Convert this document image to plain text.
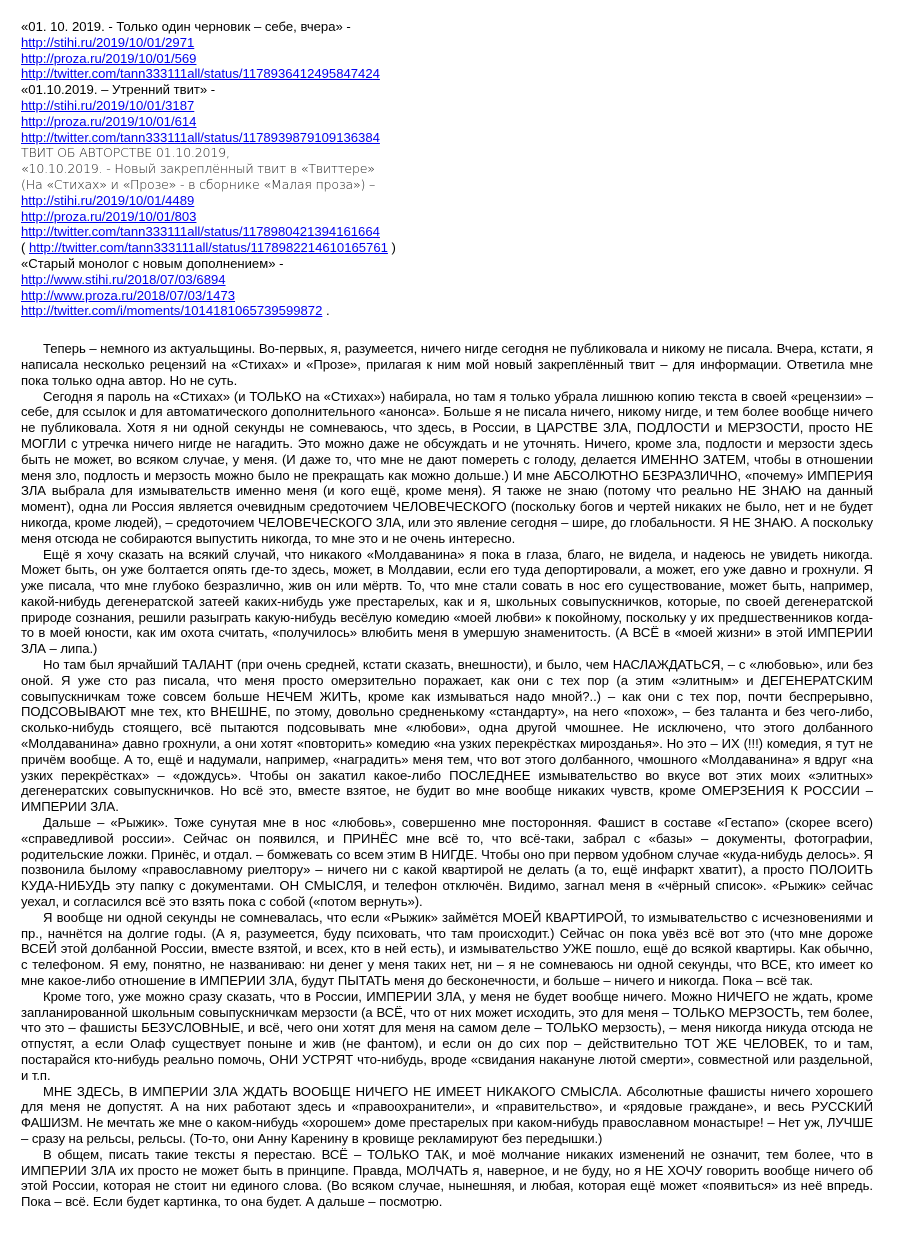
«01. 10. 2019. - Только один черновик – себе, вчера» -
http://stihi.ru/2019/10/01/2971
http://proza.ru/2019/10/01/569
http://twitter.com/tann333111all/status/1178936412495847424
«01.10.2019. – Утренний твит» -
http://stihi.ru/2019/10/01/3187
http://proza.ru/2019/10/01/614
http://twitter.com/tann333111all/status/1178939879109136384
ТВИТ ОБ АВТОРСТВЕ 01.10.2019,
«10.10.2019. - Новый закреплённый твит в «Твиттере»
(На «Стихах» и «Прозе» - в сборнике «Малая проза») –
http://stihi.ru/2019/10/01/4489
http://proza.ru/2019/10/01/803
http://twitter.com/tann333111all/status/1178980421394161664
( http://twitter.com/tann333111all/status/1178982214610165761 )
«Старый монолог с новым дополнением» -
http://www.stihi.ru/2018/07/03/6894
http://www.proza.ru/2018/07/03/1473
http://twitter.com/i/moments/1014181065739599872 .

Теперь – немного из актуальщины. Во-первых, я, разумеется, ничего нигде сегодня не публиковала и никому не писала. Вчера, кстати, я написала несколько рецензий на «Стихах» и «Прозе», прилагая к ним мой новый закреплённый твит – для информации. Ответила мне пока только одна автор. Но не суть.

Сегодня я пароль на «Стихах» (и ТОЛЬКО на «Стихах») набирала, но там я только убрала лишнюю копию текста в своей «рецензии» – себе, для ссылок и для автоматического дополнительного «анонса». Больше я не писала ничего, никому нигде, и тем более вообще ничего не публиковала. Хотя я ни одной секунды не сомневаюсь, что здесь, в России, в ЦАРСТВЕ ЗЛА, ПОДЛОСТИ и МЕРЗОСТИ, просто НЕ МОГЛИ с утречка ничего нигде не нагадить. Это можно даже не обсуждать и не уточнять. Ничего, кроме зла, подлости и мерзости здесь быть не может, во всяком случае, у меня. (И даже то, что мне не дают помереть с голоду, делается ИМЕННО ЗАТЕМ, чтобы в отношении меня зло, подлость и мерзость можно было не прекращать как можно дольше.) И мне АБСОЛЮТНО БЕЗРАЗЛИЧНО, «почему» ИМПЕРИЯ ЗЛА выбрала для измывательств именно меня (и кого ещё, кроме меня). Я также не знаю (потому что реально НЕ ЗНАЮ на данный момент), одна ли Россия является очевидным средоточием ЧЕЛОВЕЧЕСКОГО (поскольку богов и чертей никаких не было, нет и не будет никогда, кроме людей), – средоточием ЧЕЛОВЕЧЕСКОГО ЗЛА, или это явление сегодня – шире, до глобальности. Я НЕ ЗНАЮ. А поскольку меня отсюда не собираются выпустить никогда, то мне это и не очень интересно.

Ещё я хочу сказать на всякий случай, что никакого «Молдаванина» я пока в глаза, благо, не видела, и надеюсь не увидеть никогда. Может быть, он уже болтается опять где-то здесь, может, в Молдавии, если его туда депортировали, а может, его уже давно и грохнули. Я уже писала, что мне глубоко безразлично, жив он или мёртв. То, что мне стали совать в нос его существование, может быть, например, какой-нибудь дегенератской затеей каких-нибудь уже престарелых, как и я, школьных совыпускничков, которые, по своей дегенератской природе сознания, решили разыграть какую-нибудь весёлую комедию «моей любви» к покойному, поскольку у их предшественников когда-то в моей юности, как им охота считать, «получилось» влюбить меня в умершую знаменитость. (А ВСЁ в «моей жизни» в этой ИМПЕРИИ ЗЛА – липа.)

Но там был ярчайший ТАЛАНТ (при очень средней, кстати сказать, внешности), и было, чем НАСЛАЖДАТЬСЯ, – с «любовью», или без оной. Я уже сто раз писала, что меня просто омерзительно поражает, как они с тех пор (а этим «элитным» и ДЕГЕНЕРАТСКИМ совыпускничкам тоже совсем больше НЕЧЕМ ЖИТЬ, кроме как измываться надо мной?..) – как они с тех пор, почти беспрерывно, ПОДСОВЫВАЮТ мне тех, кто ВНЕШНЕ, по этому, довольно средненькому «стандарту», на него «похож», – без таланта и без чего-либо, сколько-нибудь стоящего, всё пытаются подсовывать мне «любови», одна другой чмошнее. Не исключено, что этого долбанного «Молдаванина» давно грохнули, а они хотят «повторить» комедию «на узких перекрёстках мирозданья». Но это – ИХ (!!!) комедия, я тут не причём вообще. А то, ещё и надумали, например, «наградить» меня тем, что вот этого долбанного, чмошного «Молдаванина» я вдруг «на узких перекрёстках» – «дождусь». Чтобы он закатил какое-либо ПОСЛЕДНЕЕ измывательство во вкусе вот этих моих «элитных» дегенератских совыпускничков. Но всё это, вместе взятое, не будит во мне вообще никаких чувств, кроме ОМЕРЗЕНИЯ К РОССИИ – ИМПЕРИИ ЗЛА.

Дальше – «Рыжик». Тоже сунутая мне в нос «любовь», совершенно мне посторонняя. Фашист в составе «Гестапо» (скорее всего) «справедливой россии». Сейчас он появился, и ПРИНЁС мне всё то, что всё-таки, забрал с «базы» – документы, фотографии, родительские ложки. Принёс, и отдал. – бомжевать со всем этим В НИГДЕ. Чтобы оно при первом удобном случае «куда-нибудь делось». Я позвонила былому «православному риелтору» – ничего ни с какой квартирой не делать (а то, ещё инфаркт хватит), а просто ПОЛОИТЬ КУДА-НИБУДЬ эту папку с документами. ОН СМЫСЛЯ, и телефон отключён. Видимо, загнал меня в «чёрный список». «Рыжик» сейчас уехал, и согласился всё это взять пока с собой («потом вернуть»).

Я вообще ни одной секунды не сомневалась, что если «Рыжик» займётся МОЕЙ КВАРТИРОЙ, то измывательство с исчезновениями и пр., начнётся на долгие годы. (А я, разумеется, буду психовать, что там происходит.) Сейчас он пока увёз всё вот это (что мне дороже ВСЕЙ этой долбанной России, вместе взятой, и всех, кто в ней есть), и измывательство УЖЕ пошло, ещё до всякой квартиры. Как обычно, с телефоном. Я ему, понятно, не названиваю: ни денег у меня таких нет, ни – я не сомневаюсь ни одной секунды, что ВСЕ, кто имеет ко мне какое-либо отношение в ИМПЕРИИ ЗЛА, будут ПЫТАТЬ меня до бесконечности, и больше – ничего и никогда. Пока – всё так.

Кроме того, уже можно сразу сказать, что в России, ИМПЕРИИ ЗЛА, у меня не будет вообще ничего. Можно НИЧЕГО не ждать, кроме запланированной школьным совыпускничкам мерзости (а ВСЁ, что от них может исходить, это для меня – ТОЛЬКО МЕРЗОСТЬ, тем более, что это – фашисты БЕЗУСЛОВНЫЕ, и всё, чего они хотят для меня на самом деле – ТОЛЬКО мерзость), – меня никогда никуда отсюда не отпустят, а если Олаф существует поныне и жив (не фантом), и если он до сих пор – действительно ТОТ ЖЕ ЧЕЛОВЕК, то и там, постарайся кто-нибудь реально помочь, ОНИ УСТРЯТ что-нибудь, вроде «свидания накануне лютой смерти», совместной или раздельной, и т.п.

МНЕ ЗДЕСЬ, В ИМПЕРИИ ЗЛА ЖДАТЬ ВООБЩЕ НИЧЕГО НЕ ИМЕЕТ НИКАКОГО СМЫСЛА. Абсолютные фашисты ничего хорошего для меня не допустят. А на них работают здесь и «правоохранители», и «правительство», и «рядовые граждане», и весь РУССКИЙ ФАШИЗМ. Не мечтать же мне о каком-нибудь «хорошем» доме престарелых при каком-нибудь православном монастыре! – Нет уж, ЛУЧШЕ – сразу на рельсы, рельсы. (То-то, они Анну Каренину в кровище рекламируют без передышки.)

В общем, писать такие тексты я перестаю. ВСЁ – ТОЛЬКО ТАК, и моё молчание никаких изменений не означит, тем более, что в ИМПЕРИИ ЗЛА их просто не может быть в принципе. Правда, МОЛЧАТЬ я, наверное, и не буду, но я НЕ ХОЧУ говорить вообще ничего об этой России, которая не стоит ни единого слова. (Во всяком случае, нынешняя, и любая, которая ещё может «появиться» из неё впредь. Пока – всё. Если будет картинка, то она будет. А дальше – посмотрю.
